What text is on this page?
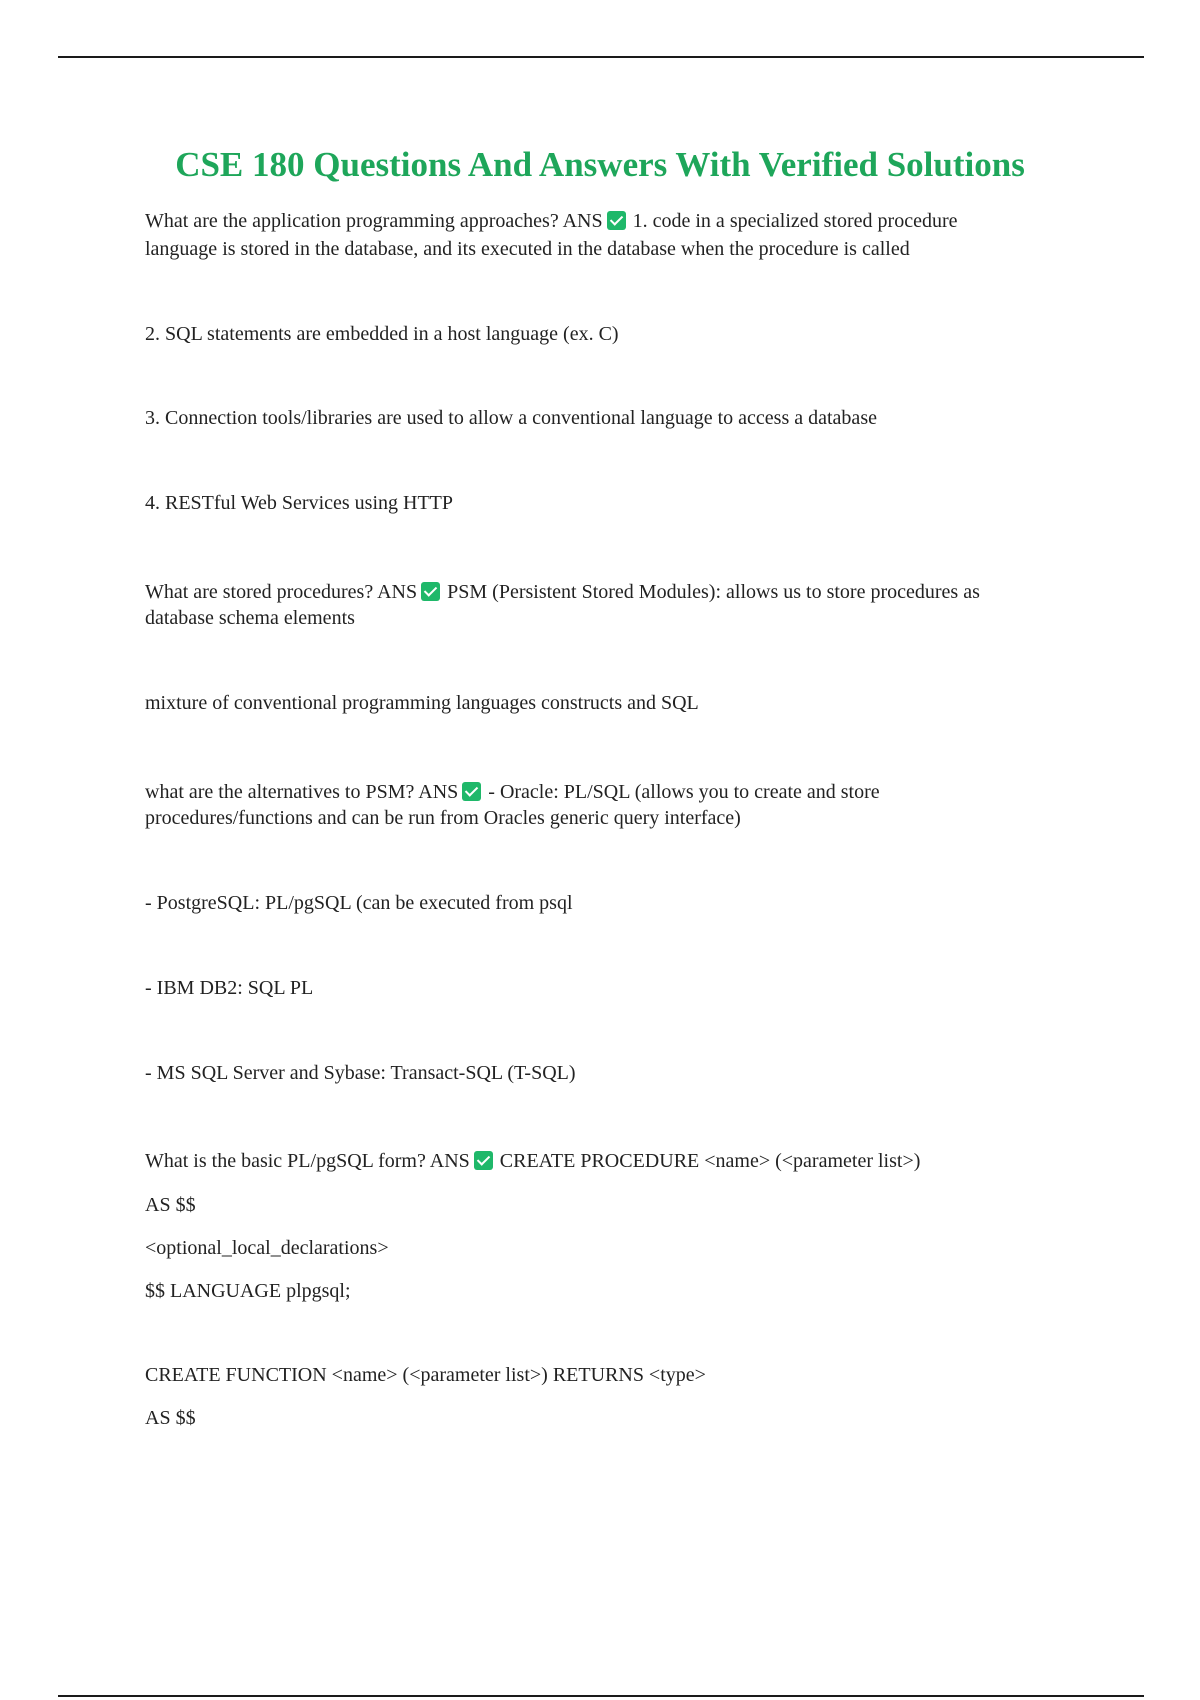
CSE 180 Questions And Answers With Verified Solutions

What are the application programming approaches? ANS 1. code in a specialized stored procedure

language is stored in the database, and its executed in the database when the procedure is called

2. SQL statements are embedded in a host language (ex. C)

3. Connection tools/libraries are used to allow a conventional language to access a database

4. RESTful Web Services using HTTP

What are stored procedures? ANS PSM (Persistent Stored Modules): allows us to store procedures as

database schema elements

mixture of conventional programming languages constructs and SQL

what are the alternatives to PSM? ANS - Oracle: PL/SQL (allows you to create and store

procedures/functions and can be run from Oracles generic query interface)

- PostgreSQL: PL/pgSQL (can be executed from psql

- IBM DB2: SQL PL

- MS SQL Server and Sybase: Transact-SQL (T-SQL)

What is the basic PL/pgSQL form? ANS CREATE PROCEDURE <name> (<parameter list>)

AS $$

<optional_local_declarations>

$$ LANGUAGE plpgsql;

CREATE FUNCTION <name> (<parameter list>) RETURNS <type>

AS $$
